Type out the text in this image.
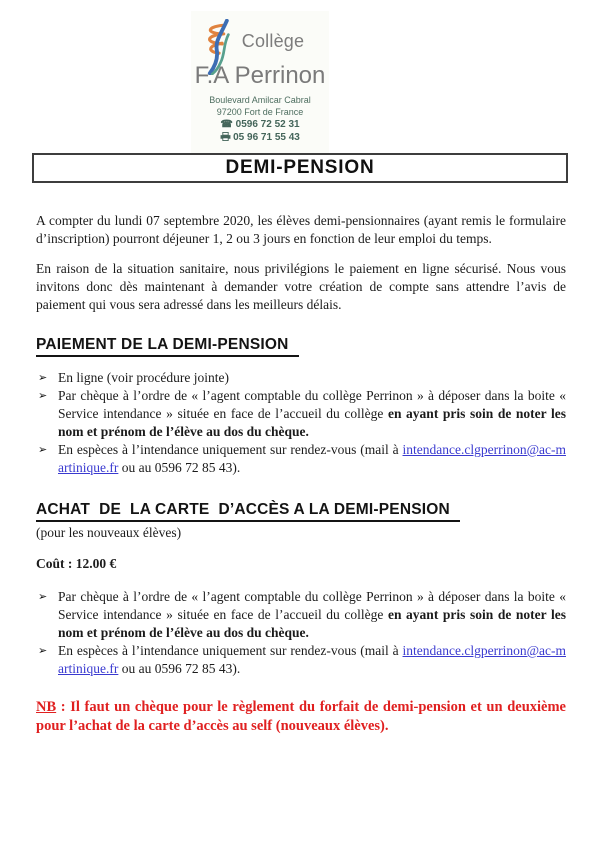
Collège
F.A Perrinon
Boulevard Amilcar Cabral
97200 Fort de France
☎ 0596 72 52 31
05 96 71 55 43
DEMI-PENSION

A compter du lundi 07 septembre 2020, les élèves demi-pensionnaires (ayant remis le formulaire d’inscription) pourront déjeuner 1, 2 ou 3 jours en fonction de leur emploi du temps.

En raison de la situation sanitaire, nous privilégions le paiement en ligne sécurisé. Nous vous invitons donc dès maintenant à demander votre création de compte sans attendre l’avis de paiement qui vous sera adressé dans les meilleurs délais.

PAIEMENT DE LA DEMI-PENSION
➢ En ligne (voir procédure jointe)
➢ Par chèque à l’ordre de « l’agent comptable du collège Perrinon » à déposer dans la boite « Service intendance » située en face de l’accueil du collège en ayant pris soin de noter les nom et prénom de l’élève au dos du chèque.
➢ En espèces à l’intendance uniquement sur rendez-vous (mail à intendance.clgperrinon@ac-martinique.fr ou au 0596 72 85 43).
ACHAT  DE  LA CARTE  D’ACCÈS A LA DEMI-PENSION

(pour les nouveaux élèves)

Coût : 12.00 €

➢ Par chèque à l’ordre de « l’agent comptable du collège Perrinon » à déposer dans la boite « Service intendance » située en face de l’accueil du collège en ayant pris soin de noter les nom et prénom de l’élève au dos du chèque.
➢ En espèces à l’intendance uniquement sur rendez-vous (mail à intendance.clgperrinon@ac-martinique.fr ou au 0596 72 85 43).

NB : Il faut un chèque pour le règlement du forfait de demi-pension et un deuxième pour l’achat de la carte d’accès au self (nouveaux élèves).
